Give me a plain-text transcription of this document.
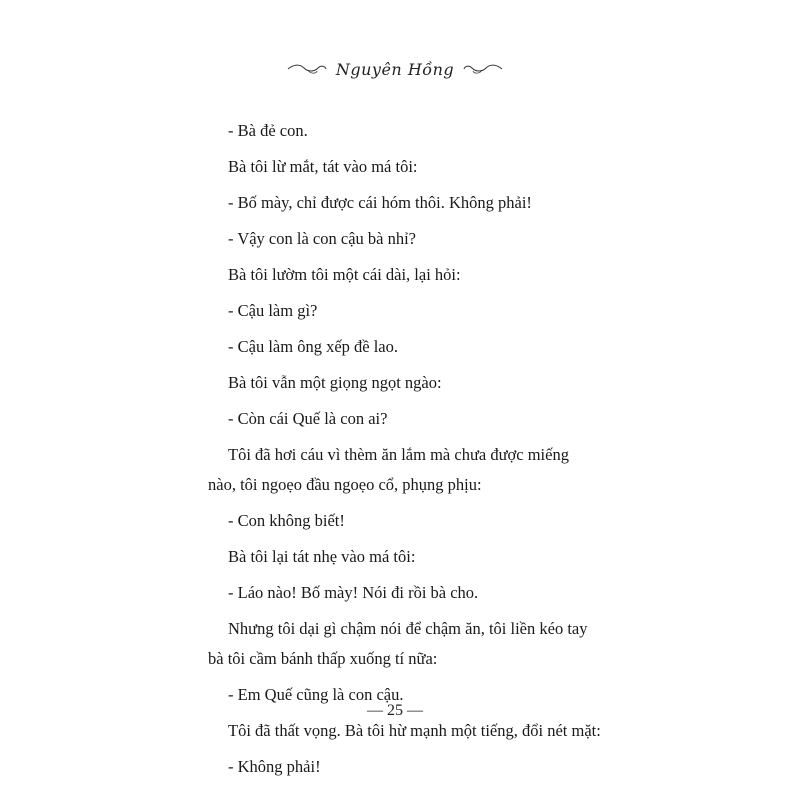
Nguyên Hồng

- Bà đẻ con.

Bà tôi lừ mắt, tát vào má tôi:

- Bố mày, chỉ được cái hóm thôi. Không phải!

- Vậy con là con cậu bà nhỉ?

Bà tôi lườm tôi một cái dài, lại hỏi:

- Cậu làm gì?

- Cậu làm ông xếp đề lao.

Bà tôi vẫn một giọng ngọt ngào:

- Còn cái Quế là con ai?

Tôi đã hơi cáu vì thèm ăn lắm mà chưa được miếng
nào, tôi ngoẹo đầu ngoẹo cổ, phụng phịu:

- Con không biết!

Bà tôi lại tát nhẹ vào má tôi:

- Láo nào! Bố mày! Nói đi rồi bà cho.

Nhưng tôi dại gì chậm nói để chậm ăn, tôi liền kéo tay
bà tôi cầm bánh thấp xuống tí nữa:

- Em Quế cũng là con cậu.

Tôi đã thất vọng. Bà tôi hừ mạnh một tiếng, đổi nét mặt:

- Không phải!

— 25 —
